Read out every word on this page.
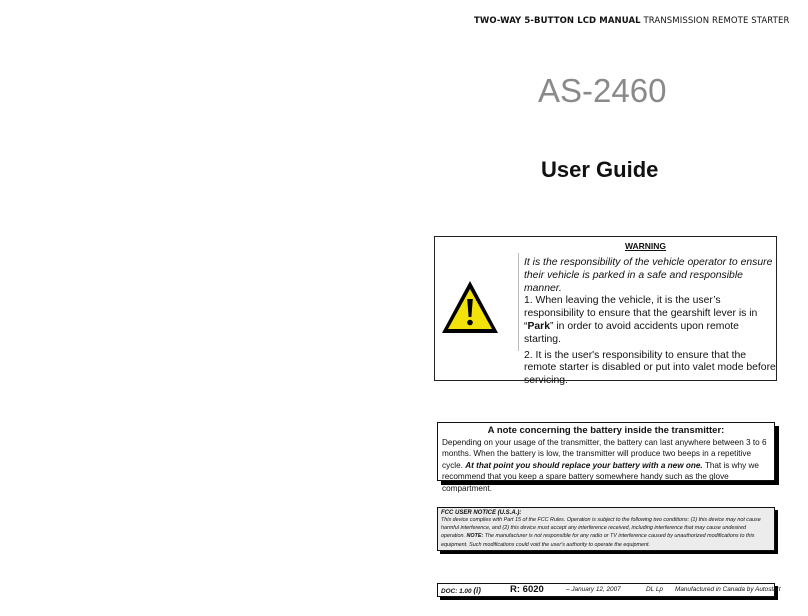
TWO-WAY 5-BUTTON LCD MANUAL TRANSMISSION REMOTE STARTER
AS-2460
User Guide
WARNING

It is the responsibility of the vehicle operator to ensure their vehicle is parked in a safe and responsible manner.

1. When leaving the vehicle, it is the user’s responsibility to ensure that the gearshift lever is in “Park” in order to avoid accidents upon remote starting.

2. It is the user's responsibility to ensure that the remote starter is disabled or put into valet mode before servicing.

A note concerning the battery inside the transmitter:
Depending on your usage of the transmitter, the battery can last anywhere between 3 to 6 months. When the battery is low, the transmitter will produce two beeps in a repetitive cycle. At that point you should replace your battery with a new one. That is why we recommend that you keep a spare battery somewhere handy such as the glove compartment.
FCC USER NOTICE (U.S.A.):
This device complies with Part 15 of the FCC Rules. Operation is subject to the following two conditions: (1) this device may not cause harmful interference, and (2) this device must accept any interference received, including interference that may cause undesired operation. NOTE: The manufacturer is not responsible for any radio or TV interference caused by unauthorized modifications to this equipment. Such modifications could void the user's authority to operate the equipment.
DOC: 1.00 (i)	R: 6020	– January 12, 2007	DL Lp Manufactured in Canada by Autostart
